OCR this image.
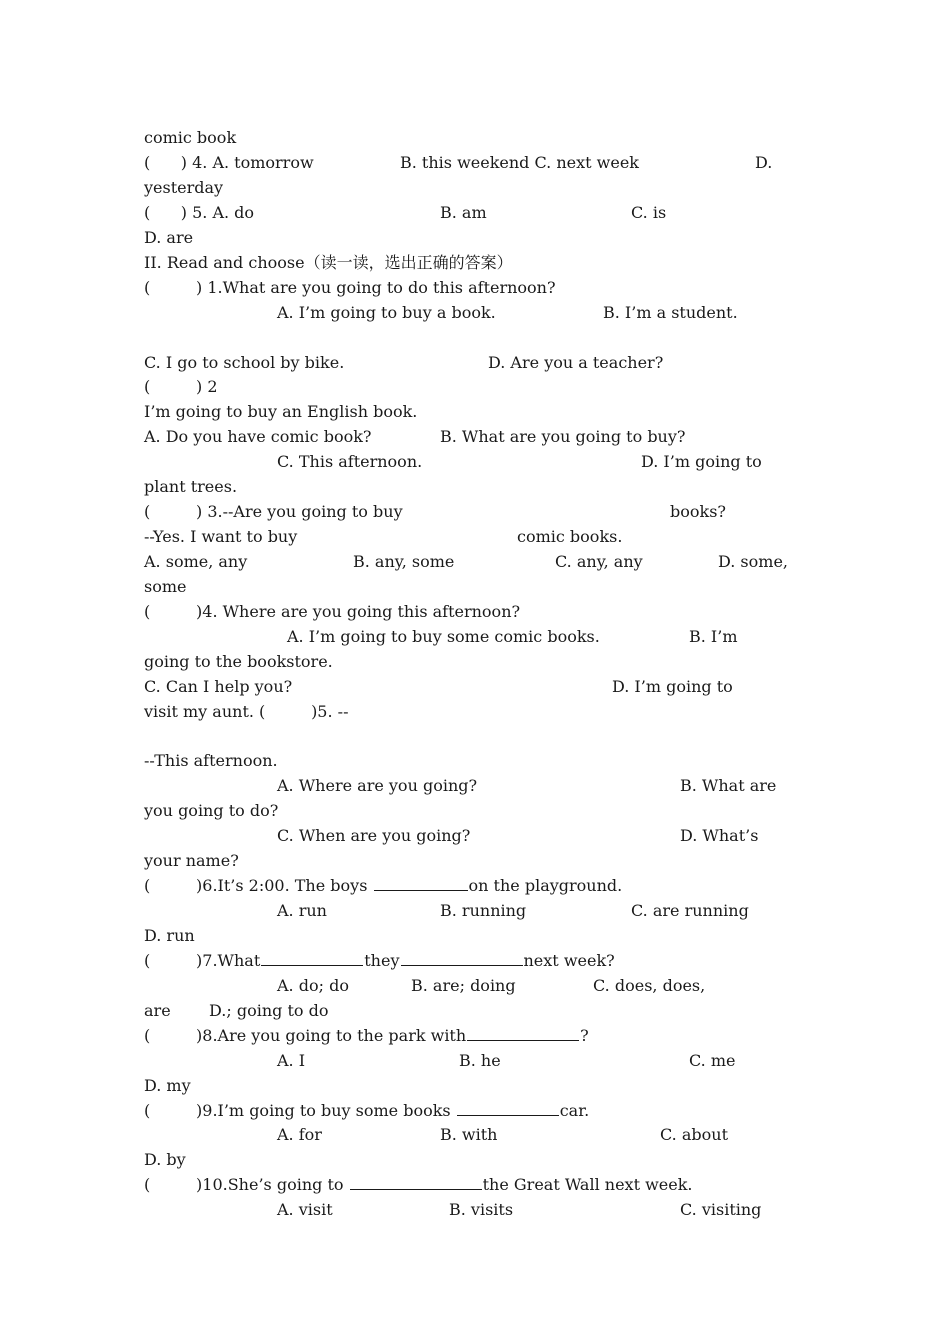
comic book

(      ) 4. A. tomorrow

	B. this weekend C. next week

	D.

yesterday

(      ) 5. A. do

	B. am

	C. is

D. are

II. Read and choose（读一读，选出正确的答案）

(         ) 1.What are you going to do this afternoon?

A. I’m going to buy a book.

	B. I’m a student.

C. I go to school by bike.

	D. Are you a teacher?

(         ) 2

I’m going to buy an English book.

A. Do you have comic book?

	B. What are you going to buy?

C. This afternoon.

	D. I’m going to

plant trees.

(         ) 3.--Are you going to buy

	books?

--Yes. I want to buy

	comic books.

A. some, any

	B. any, some

	C. any, any

	D. some,

some

(         )4. Where are you going this afternoon?

A. I’m going to buy some comic books.

	B. I’m

going to the bookstore.

C. Can I help you?

	D. I’m going to

visit my aunt. (         )5. --

--This afternoon.

A. Where are you going?

	B. What are

you going to do?

C. When are you going?

	D. What’s

your name?

(         )6.It’s 2:00. The boys	on the playground.

A. run

	B. running

	C. are running

D. run

(         )7.What	they	next week?

A. do; do

	B. are; doing

	C. does, does,

are

D.; going to do

(         )8.Are you going to the park with	?

A. I

	B. he

	C. me

D. my

(         )9.I’m going to buy some books	car.

A. for

	B. with

	C. about

D. by

(         )10.She’s going to	the Great Wall next week.

A. visit

	B. visits

	C. visiting
